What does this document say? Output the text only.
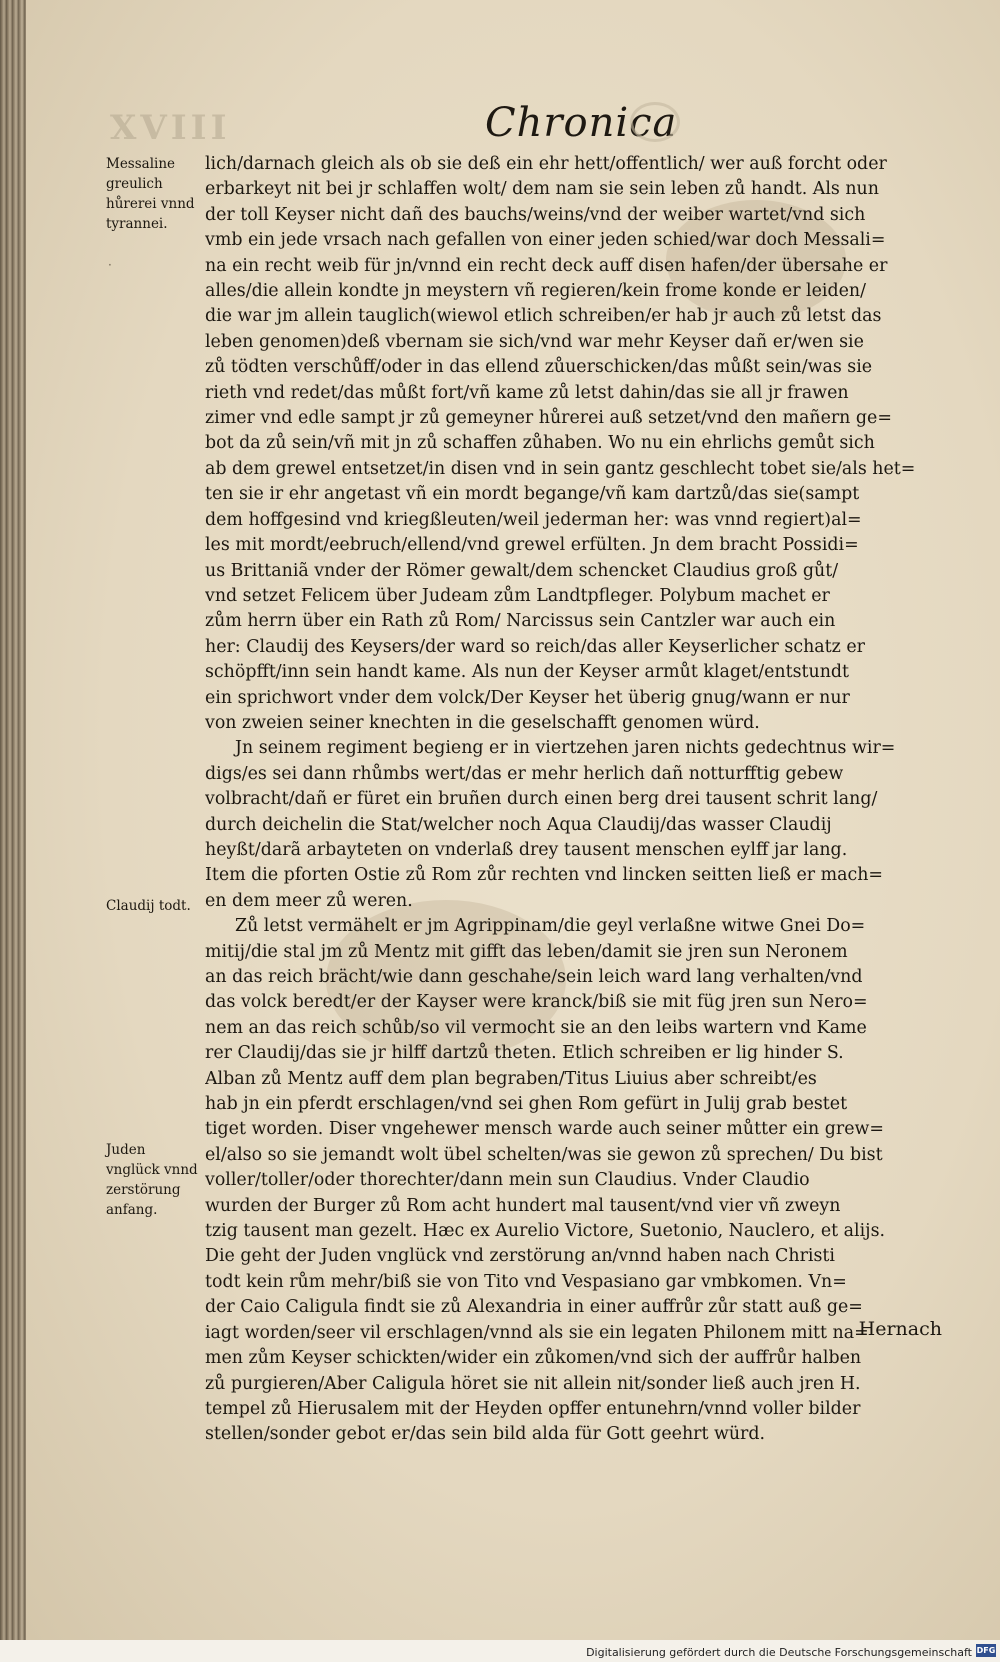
XVIII	Chronica
Messaline greulich hůrerei vnnd tyrannei.
·
Claudij todt.
Juden vnglück vnnd zerstörung anfang.
lich/darnach gleich als ob sie deß ein ehr hett/offentlich/ wer auß forcht oder
erbarkeyt nit bei jr schlaffen wolt/ dem nam sie sein leben zů handt. Als nun
der toll Keyser nicht dañ des bauchs/weins/vnd der weiber wartet/vnd sich
vmb ein jede vrsach nach gefallen von einer jeden schied/war doch Messali=
na ein recht weib für jn/vnnd ein recht deck auff disen hafen/der übersahe er
alles/die allein kondte jn meystern vñ regieren/kein frome konde er leiden/
die war jm allein tauglich(wiewol etlich schreiben/er hab jr auch zů letst das
leben genomen)deß vbernam sie sich/vnd war mehr Keyser dañ er/wen sie
zů tödten verschůff/oder in das ellend zůuerschicken/das můßt sein/was sie
rieth vnd redet/das můßt fort/vñ kame zů letst dahin/das sie all jr frawen
zimer vnd edle sampt jr zů gemeyner hůrerei auß setzet/vnd den mañern ge=
bot da zů sein/vñ mit jn zů schaffen zůhaben. Wo nu ein ehrlichs gemůt sich
ab dem grewel entsetzet/in disen vnd in sein gantz geschlecht tobet sie/als het=
ten sie ir ehr angetast vñ ein mordt begange/vñ kam dartzů/das sie(sampt
dem hoffgesind vnd kriegßleuten/weil jederman her: was vnnd regiert)al=
les mit mordt/eebruch/ellend/vnd grewel erfülten. Jn dem bracht Possidi=
us Brittaniã vnder der Römer gewalt/dem schencket Claudius groß gůt/
vnd setzet Felicem über Judeam zům Landtpfleger. Polybum machet er
zům herrn über ein Rath zů Rom/ Narcissus sein Cantzler war auch ein
her: Claudij des Keysers/der ward so reich/das aller Keyserlicher schatz er
schöpfft/inn sein handt kame. Als nun der Keyser armůt klaget/entstundt
ein sprichwort vnder dem volck/Der Keyser het überig gnug/wann er nur
von zweien seiner knechten in die geselschafft genomen würd.
Jn seinem regiment begieng er in viertzehen jaren nichts gedechtnus wir=
digs/es sei dann rhůmbs wert/das er mehr herlich dañ notturfftig gebew
volbracht/dañ er füret ein bruñen durch einen berg drei tausent schrit lang/
durch deichelin die Stat/welcher noch Aqua Claudij/das wasser Claudij
heyßt/darã arbayteten on vnderlaß drey tausent menschen eylff jar lang.
Item die pforten Ostie zů Rom zůr rechten vnd lincken seitten ließ er mach=
en dem meer zů weren.
Zů letst vermähelt er jm Agrippinam/die geyl verlaßne witwe Gnei Do=
mitij/die stal jm zů Mentz mit gifft das leben/damit sie jren sun Neronem
an das reich brächt/wie dann geschahe/sein leich ward lang verhalten/vnd
das volck beredt/er der Kayser were kranck/biß sie mit füg jren sun Nero=
nem an das reich schůb/so vil vermocht sie an den leibs wartern vnd Kame
rer Claudij/das sie jr hilff dartzů theten. Etlich schreiben er lig hinder S.
Alban zů Mentz auff dem plan begraben/Titus Liuius aber schreibt/es
hab jn ein pferdt erschlagen/vnd sei ghen Rom gefürt in Julij grab bestet
tiget worden. Diser vngehewer mensch warde auch seiner můtter ein grew=
el/also so sie jemandt wolt übel schelten/was sie gewon zů sprechen/ Du bist
voller/toller/oder thorechter/dann mein sun Claudius. Vnder Claudio
wurden der Burger zů Rom acht hundert mal tausent/vnd vier vñ zweyn
tzig tausent man gezelt. Hæc ex Aurelio Victore, Suetonio, Nauclero, et alijs.
Die geht der Juden vnglück vnd zerstörung an/vnnd haben nach Christi
todt kein rům mehr/biß sie von Tito vnd Vespasiano gar vmbkomen. Vn=
der Caio Caligula findt sie zů Alexandria in einer auffrůr zůr statt auß ge=
iagt worden/seer vil erschlagen/vnnd als sie ein legaten Philonem mitt na=
men zům Keyser schickten/wider ein zůkomen/vnd sich der auffrůr halben
zů purgieren/Aber Caligula höret sie nit allein nit/sonder ließ auch jren H.
tempel zů Hierusalem mit der Heyden opffer entunehrn/vnnd voller bilder
stellen/sonder gebot er/das sein bild alda für Gott geehrt würd.
Hernach
Digitalisierung gefördert durch die Deutsche Forschungsgemeinschaft DFG
